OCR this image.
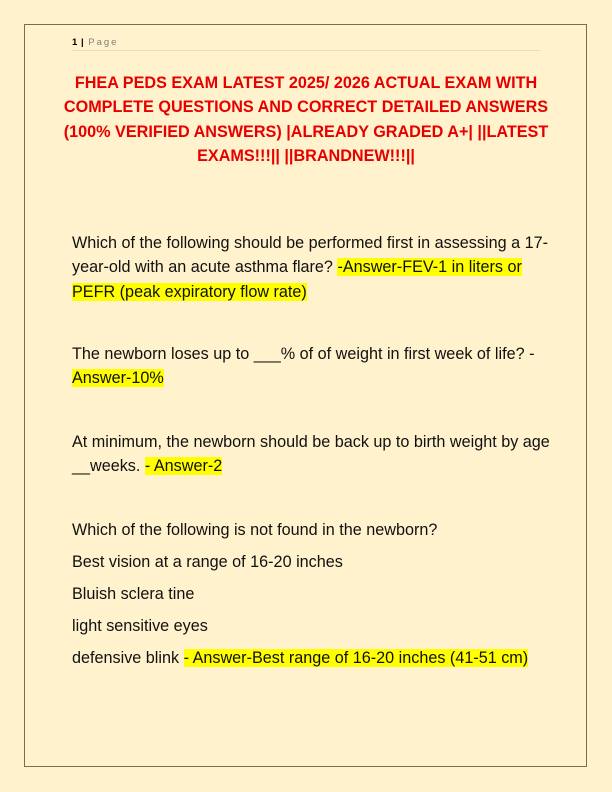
1 | Page
FHEA PEDS EXAM LATEST 2025/ 2026 ACTUAL EXAM WITH COMPLETE QUESTIONS AND CORRECT DETAILED ANSWERS (100% VERIFIED ANSWERS) |ALREADY GRADED A+| ||LATEST EXAMS!!!|| ||BRANDNEW!!!||

Which of the following should be performed first in assessing a 17-year-old with an acute asthma flare? -Answer-FEV-1 in liters or PEFR (peak expiratory flow rate)

The newborn loses up to ___% of of weight in first week of life? - Answer-10%

At minimum, the newborn should be back up to birth weight by age __weeks. - Answer-2

Which of the following is not found in the newborn?

Best vision at a range of 16-20 inches

Bluish sclera tine

light sensitive eyes

defensive blink - Answer-Best range of 16-20 inches (41-51 cm)
